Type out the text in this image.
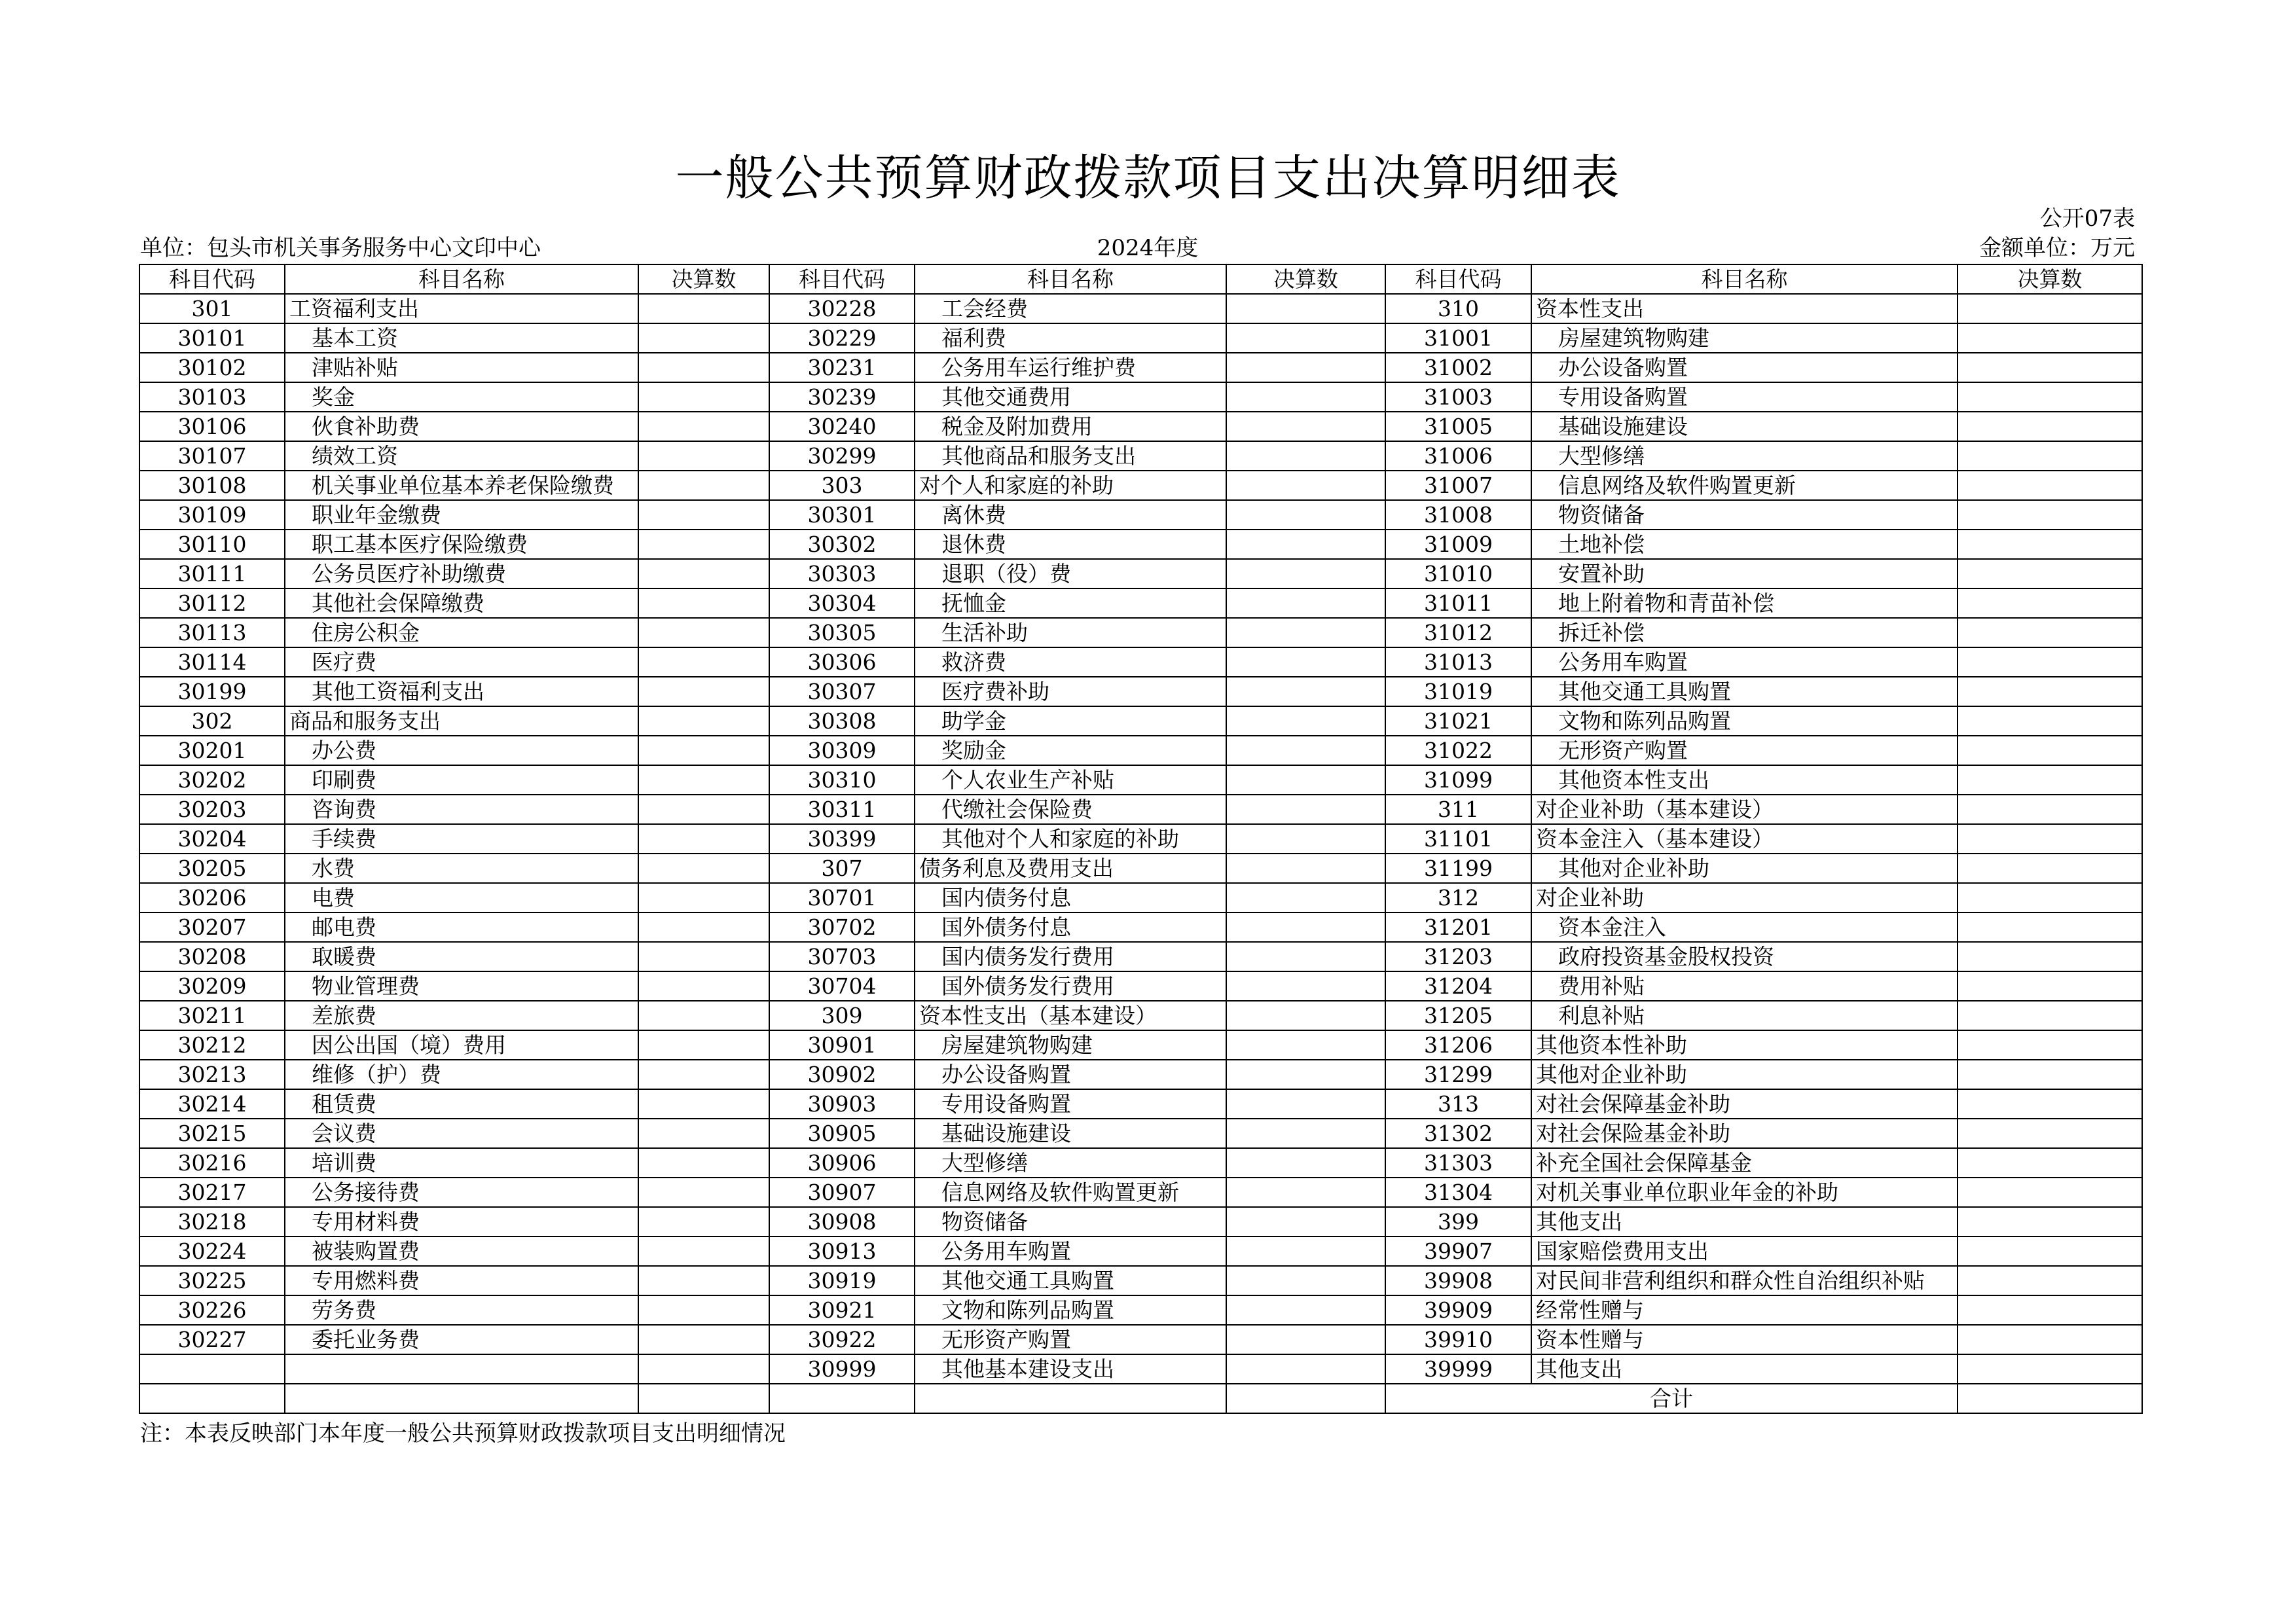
一般公共预算财政拨款项目支出决算明细表
公开07表
单位：包头市机关事务服务中心文印中心	2024年度	金额单位：万元
科目代码	科目名称	决算数	科目代码	科目名称	决算数	科目代码	科目名称	决算数
301	工资福利支出		30228	工会经费		310	资本性支出	
30101	基本工资		30229	福利费		31001	房屋建筑物购建	
30102	津贴补贴		30231	公务用车运行维护费		31002	办公设备购置	
30103	奖金		30239	其他交通费用		31003	专用设备购置	
30106	伙食补助费		30240	税金及附加费用		31005	基础设施建设	
30107	绩效工资		30299	其他商品和服务支出		31006	大型修缮	
30108	机关事业单位基本养老保险缴费		303	对个人和家庭的补助		31007	信息网络及软件购置更新	
30109	职业年金缴费		30301	离休费		31008	物资储备	
30110	职工基本医疗保险缴费		30302	退休费		31009	土地补偿	
30111	公务员医疗补助缴费		30303	退职（役）费		31010	安置补助	
30112	其他社会保障缴费		30304	抚恤金		31011	地上附着物和青苗补偿	
30113	住房公积金		30305	生活补助		31012	拆迁补偿	
30114	医疗费		30306	救济费		31013	公务用车购置	
30199	其他工资福利支出		30307	医疗费补助		31019	其他交通工具购置	
302	商品和服务支出		30308	助学金		31021	文物和陈列品购置	
30201	办公费		30309	奖励金		31022	无形资产购置	
30202	印刷费		30310	个人农业生产补贴		31099	其他资本性支出	
30203	咨询费		30311	代缴社会保险费		311	对企业补助（基本建设）	
30204	手续费		30399	其他对个人和家庭的补助		31101	资本金注入（基本建设）	
30205	水费		307	债务利息及费用支出		31199	其他对企业补助	
30206	电费		30701	国内债务付息		312	对企业补助	
30207	邮电费		30702	国外债务付息		31201	资本金注入	
30208	取暖费		30703	国内债务发行费用		31203	政府投资基金股权投资	
30209	物业管理费		30704	国外债务发行费用		31204	费用补贴	
30211	差旅费		309	资本性支出（基本建设）		31205	利息补贴	
30212	因公出国（境）费用		30901	房屋建筑物购建		31206	其他资本性补助	
30213	维修（护）费		30902	办公设备购置		31299	其他对企业补助	
30214	租赁费		30903	专用设备购置		313	对社会保障基金补助	
30215	会议费		30905	基础设施建设		31302	对社会保险基金补助	
30216	培训费		30906	大型修缮		31303	补充全国社会保障基金	
30217	公务接待费		30907	信息网络及软件购置更新		31304	对机关事业单位职业年金的补助	
30218	专用材料费		30908	物资储备		399	其他支出	
30224	被装购置费		30913	公务用车购置		39907	国家赔偿费用支出	
30225	专用燃料费		30919	其他交通工具购置		39908	对民间非营利组织和群众性自治组织补贴	
30226	劳务费		30921	文物和陈列品购置		39909	经常性赠与	
30227	委托业务费		30922	无形资产购置		39910	资本性赠与	
			30999	其他基本建设支出		39999	其他支出	
						合计		
注：本表反映部门本年度一般公共预算财政拨款项目支出明细情况
